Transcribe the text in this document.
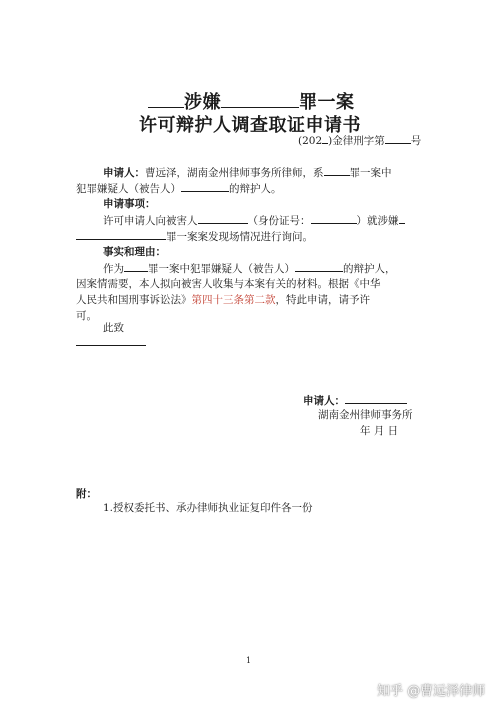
涉嫌	罪一案
许可辩护人调查取证申请书
(202 )金律刑字第 号
申请人：曹远泽，湖南金州律师事务所律师，系 罪一案中
犯罪嫌疑人（被告人）	的辩护人。
申请事项：
许可申请人向被害人	（身份证号：	）就涉嫌
罪一案案发现场情况进行询问。
事实和理由：
作为 罪一案中犯罪嫌疑人（被告人）	的辩护人，
因案情需要，本人拟向被害人收集与本案有关的材料。根据《中华
人民共和国刑事诉讼法》第四十三条第二款，特此申请，请予许
可。
此致
申请人：
湖南金州律师事务所
年 月 日
附：
1.授权委托书、承办律师执业证复印件各一份
1
知乎 @曹远泽律师
